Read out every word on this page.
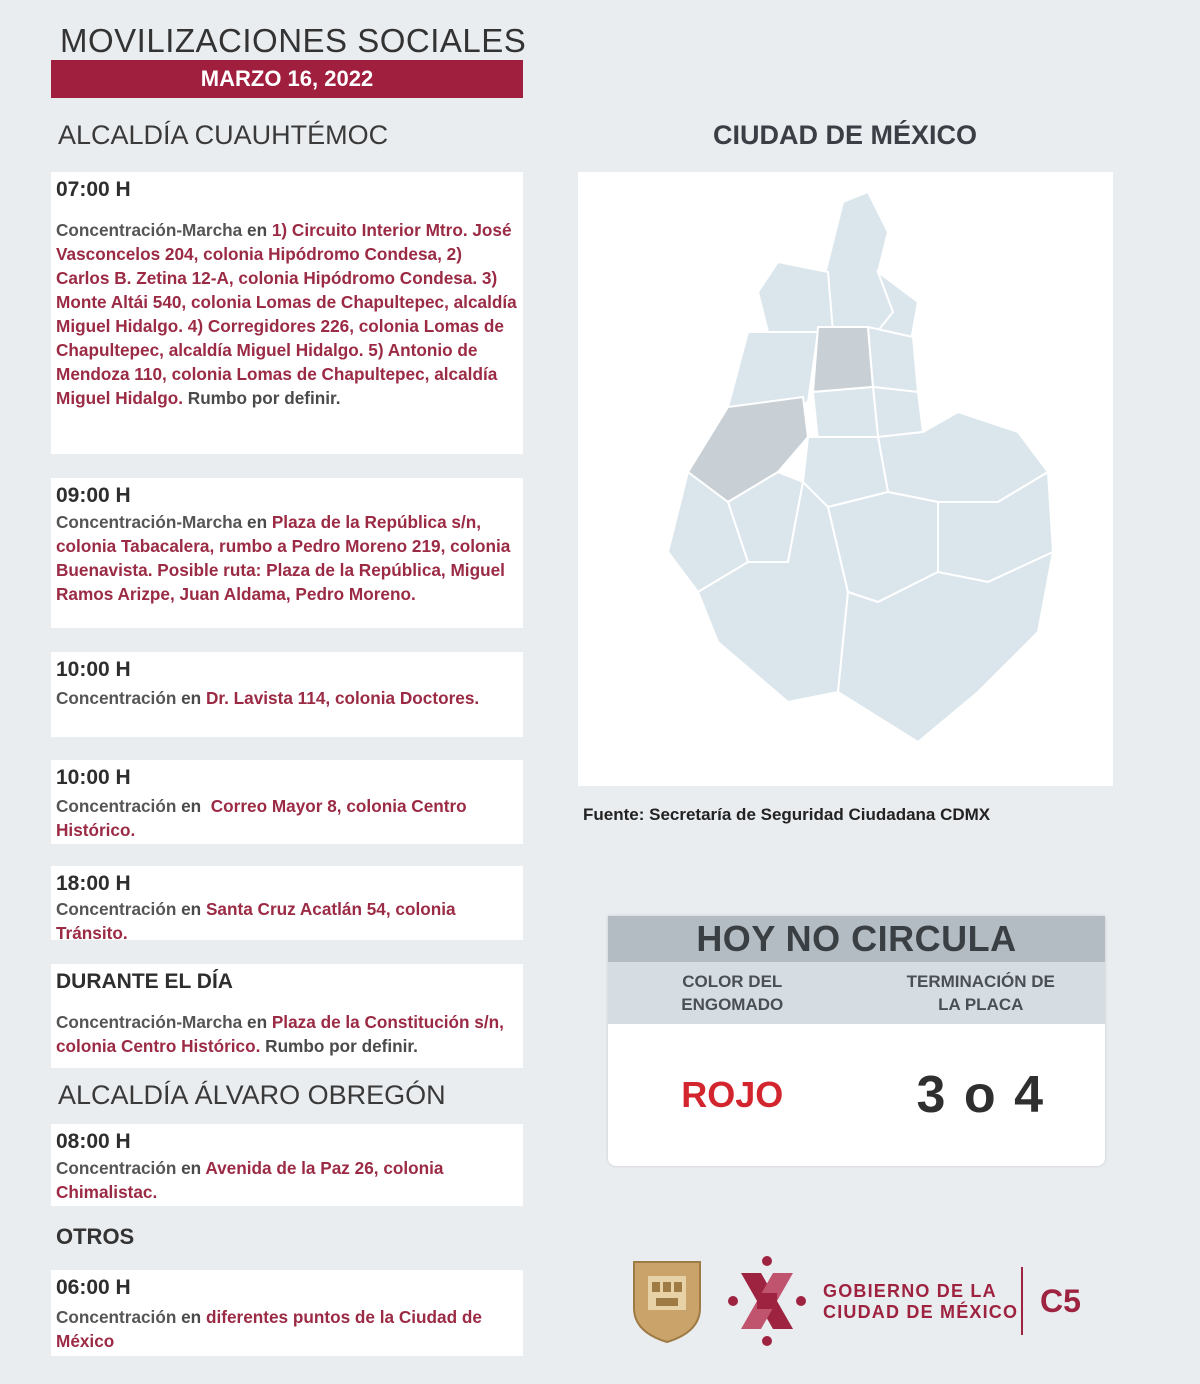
MOVILIZACIONES SOCIALES
MARZO 16, 2022
ALCALDÍA CUAUHTÉMOC
07:00 H
Concentración-Marcha en 1) Circuito Interior Mtro. José Vasconcelos 204, colonia Hipódromo Condesa, 2) Carlos B. Zetina 12-A, colonia Hipódromo Condesa. 3) Monte Altái 540, colonia Lomas de Chapultepec, alcaldía Miguel Hidalgo. 4) Corregidores 226, colonia Lomas de Chapultepec, alcaldía Miguel Hidalgo. 5) Antonio de Mendoza 110, colonia Lomas de Chapultepec, alcaldía Miguel Hidalgo. Rumbo por definir.
09:00 H
Concentración-Marcha en Plaza de la República s/n, colonia Tabacalera, rumbo a Pedro Moreno 219, colonia Buenavista. Posible ruta: Plaza de la República, Miguel Ramos Arizpe, Juan Aldama, Pedro Moreno.
10:00 H
Concentración en Dr. Lavista 114, colonia Doctores.
10:00 H
Concentración en  Correo Mayor 8, colonia Centro Histórico.
18:00 H
Concentración en Santa Cruz Acatlán 54, colonia Tránsito.
DURANTE EL DÍA
Concentración-Marcha en Plaza de la Constitución s/n, colonia Centro Histórico. Rumbo por definir.
ALCALDÍA ÁLVARO OBREGÓN
08:00 H
Concentración en Avenida de la Paz 26, colonia Chimalistac.
OTROS
06:00 H
Concentración en diferentes puntos de la Ciudad de México
CIUDAD DE MÉXICO
Fuente: Secretaría de Seguridad Ciudadana CDMX
HOY NO CIRCULA
COLOR DEL
ENGOMADO
TERMINACIÓN DE
LA PLACA
ROJO	3 o 4
GOBIERNO DE LA
CIUDAD DE MÉXICO C5
